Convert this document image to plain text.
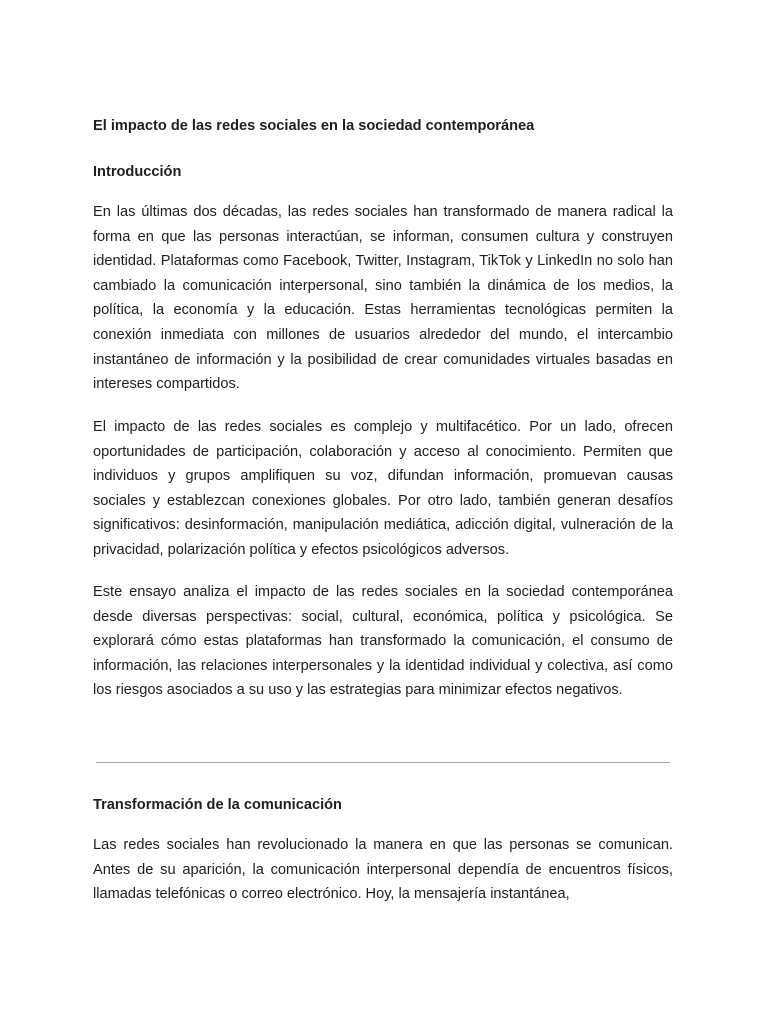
El impacto de las redes sociales en la sociedad contemporánea
Introducción

En las últimas dos décadas, las redes sociales han transformado de manera radical la forma en que las personas interactúan, se informan, consumen cultura y construyen identidad. Plataformas como Facebook, Twitter, Instagram, TikTok y LinkedIn no solo han cambiado la comunicación interpersonal, sino también la dinámica de los medios, la política, la economía y la educación. Estas herramientas tecnológicas permiten la conexión inmediata con millones de usuarios alrededor del mundo, el intercambio instantáneo de información y la posibilidad de crear comunidades virtuales basadas en intereses compartidos.

El impacto de las redes sociales es complejo y multifacético. Por un lado, ofrecen oportunidades de participación, colaboración y acceso al conocimiento. Permiten que individuos y grupos amplifiquen su voz, difundan información, promuevan causas sociales y establezcan conexiones globales. Por otro lado, también generan desafíos significativos: desinformación, manipulación mediática, adicción digital, vulneración de la privacidad, polarización política y efectos psicológicos adversos.

Este ensayo analiza el impacto de las redes sociales en la sociedad contemporánea desde diversas perspectivas: social, cultural, económica, política y psicológica. Se explorará cómo estas plataformas han transformado la comunicación, el consumo de información, las relaciones interpersonales y la identidad individual y colectiva, así como los riesgos asociados a su uso y las estrategias para minimizar efectos negativos.

Transformación de la comunicación

Las redes sociales han revolucionado la manera en que las personas se comunican. Antes de su aparición, la comunicación interpersonal dependía de encuentros físicos, llamadas telefónicas o correo electrónico. Hoy, la mensajería instantánea,
